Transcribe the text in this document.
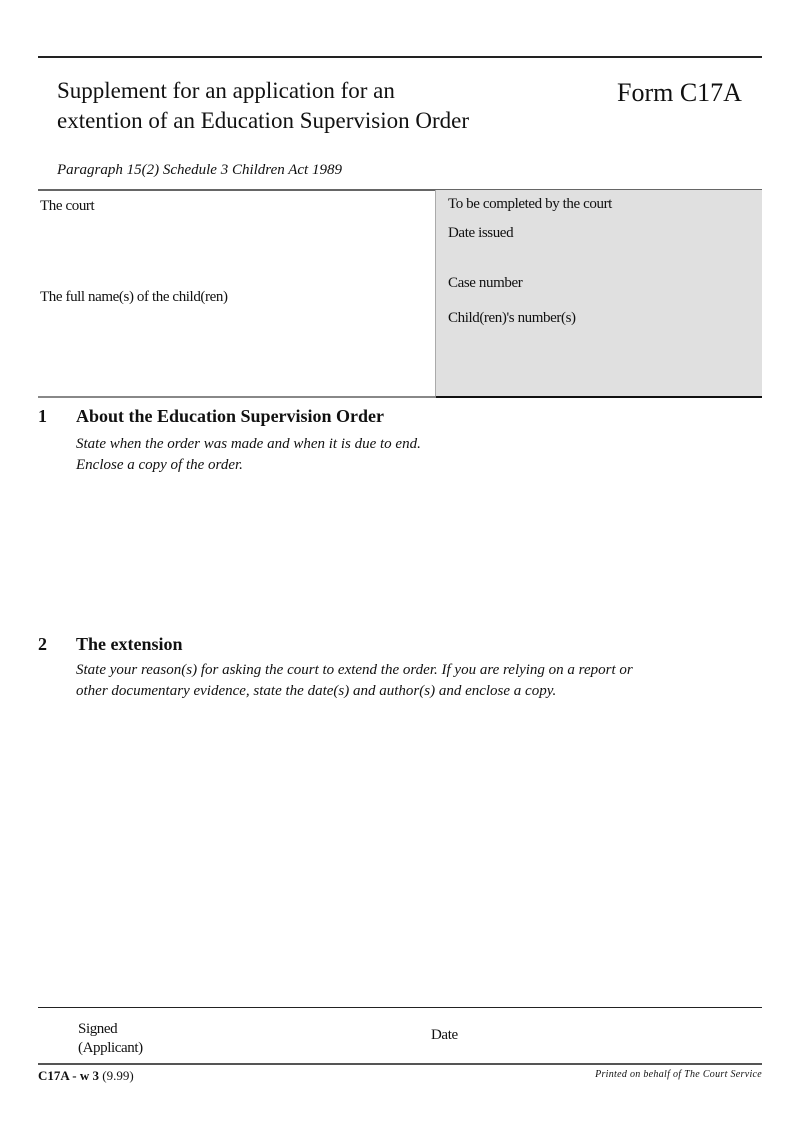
Supplement for an application for an
extention of an Education Supervision Order
Form C17A
Paragraph 15(2) Schedule 3 Children Act 1989
The court
The full name(s) of the child(ren)
To be completed by the court
Date issued
Case number
Child(ren)'s number(s)
1 About the Education Supervision Order
State when the order was made and when it is due to end.
Enclose a copy of the order.
2 The extension
State your reason(s) for asking the court to extend the order. If you are relying on a report or
other documentary evidence, state the date(s) and author(s) and enclose a copy.
Signed
(Applicant)
Date
C17A - w 3 (9.99)	Printed on behalf of The Court Service
